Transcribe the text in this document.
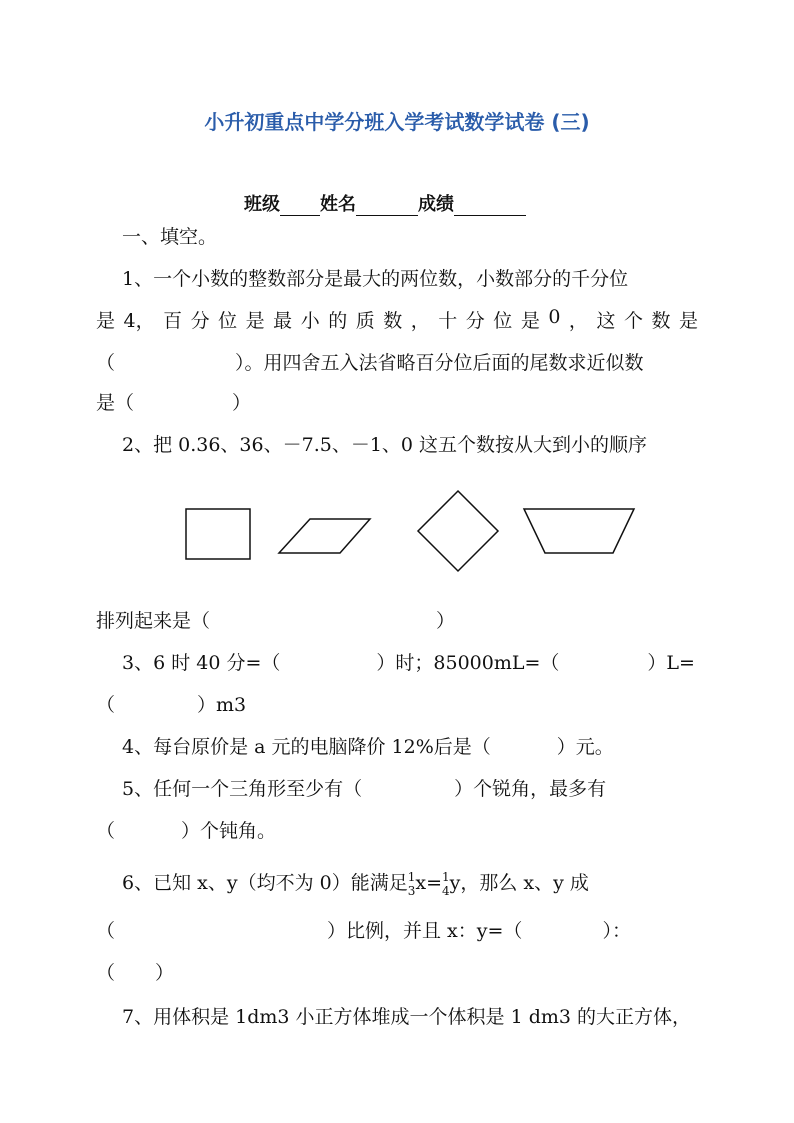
小升初重点中学分班入学考试数学试卷 (三)
班级 姓名	成绩
一、填空。
1、一个小数的整数部分是最大的两位数，小数部分的千分位
是 4， 百 分 位 是 最 小 的 质 数 ， 十 分 位 是 0 ， 这 个 数 是
（	）。用四舍五入法省略百分位后面的尾数求近似数
是（	）
2、把 0.36、36、－7.5、－1、0 这五个数按从大到小的顺序
排列起来是（	）
3、6 时 40 分=（	）时；85000mL=（	）L=
（	）m3
4、每台原价是 a 元的电脑降价 12%后是（	）元。
5、任何一个三角形至少有（	）个锐角，最多有
（	）个钝角。
6、已知 x、y（均不为 0）能满足 1
3 x= 1
4 y，那么 x、y 成
（	）比例，并且 x：y=（	）：
（ ）
7、用体积是 1dm3 小正方体堆成一个体积是 1 dm3 的大正方体，
